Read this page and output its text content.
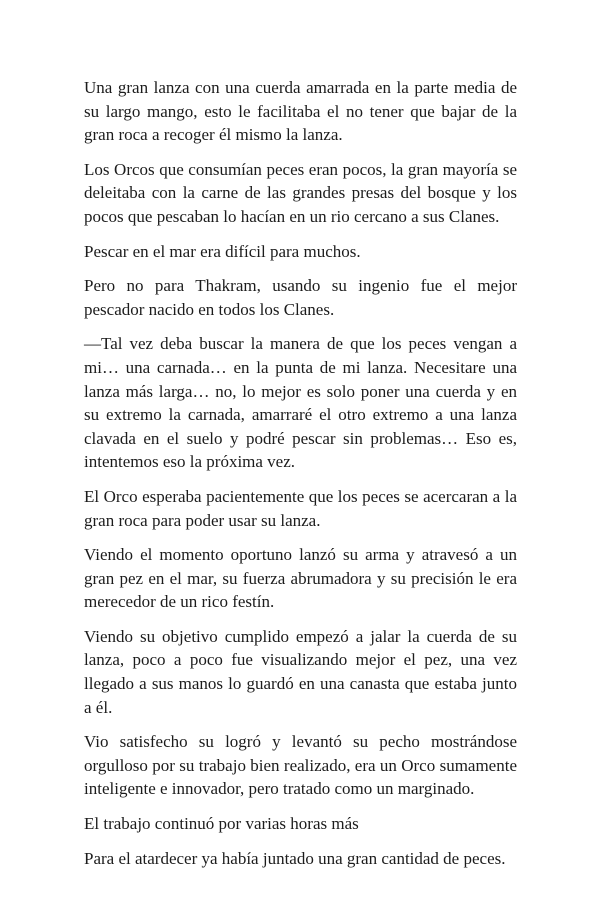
Una gran lanza con una cuerda amarrada en la parte media de su largo mango, esto le facilitaba el no tener que bajar de la gran roca a recoger él mismo la lanza.

Los Orcos que consumían peces eran pocos, la gran mayoría se deleitaba con la carne de las grandes presas del bosque y los pocos que pescaban lo hacían en un rio cercano a sus Clanes.

Pescar en el mar era difícil para muchos.

Pero no para Thakram, usando su ingenio fue el mejor pescador nacido en todos los Clanes.

—Tal vez deba buscar la manera de que los peces vengan a mi… una carnada… en la punta de mi lanza. Necesitare una lanza más larga… no, lo mejor es solo poner una cuerda y en su extremo la carnada, amarraré el otro extremo a una lanza clavada en el suelo y podré pescar sin problemas… Eso es, intentemos eso la próxima vez.

El Orco esperaba pacientemente que los peces se acercaran a la gran roca para poder usar su lanza.

Viendo el momento oportuno lanzó su arma y atravesó a un gran pez en el mar, su fuerza abrumadora y su precisión le era merecedor de un rico festín.

Viendo su objetivo cumplido empezó a jalar la cuerda de su lanza, poco a poco fue visualizando mejor el pez, una vez llegado a sus manos lo guardó en una canasta que estaba junto a él.

Vio satisfecho su logró y levantó su pecho mostrándose orgulloso por su trabajo bien realizado, era un Orco sumamente inteligente e innovador, pero tratado como un marginado.

El trabajo continuó por varias horas más

Para el atardecer ya había juntado una gran cantidad de peces.
